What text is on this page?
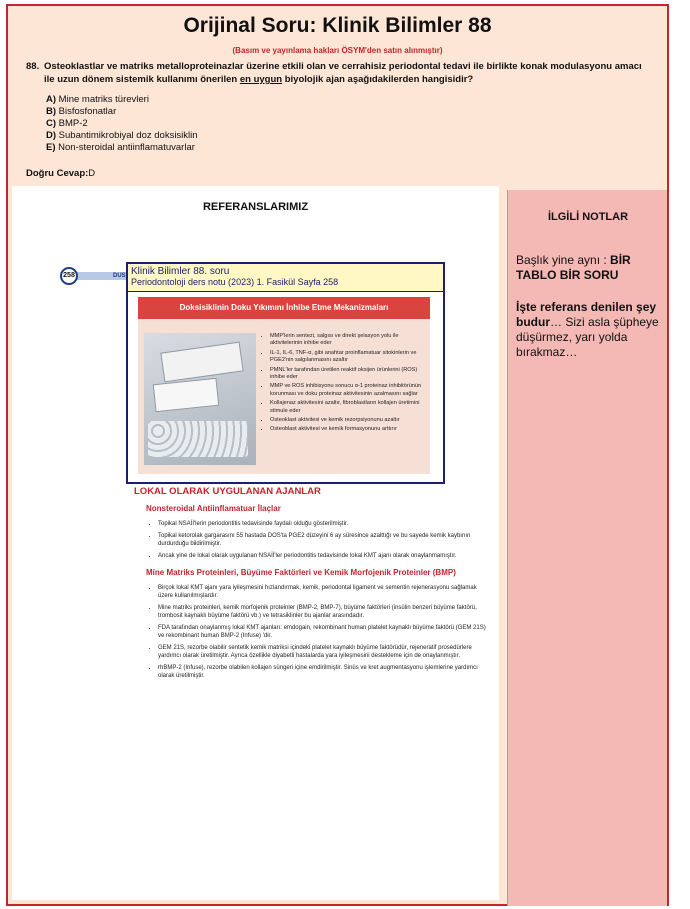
Orijinal Soru: Klinik Bilimler 88
(Basım ve yayınlama hakları ÖSYM'den satın alınmıştır)
88. Osteoklastlar ve matriks metalloproteinazlar üzerine etkili olan ve cerrahisiz periodontal tedavi ile birlikte konak modulasyonu amacı ile uzun dönem sistemik kullanımı önerilen en uygun biyolojik ajan aşağıdakilerden hangisidir?
A) Mine matriks türevleri
B) Bisfosfonatlar
C) BMP-2
D) Subantimikrobiyal doz doksisiklin
E) Non-steroidal antiinflamatuvarlar
Doğru Cevap:D
İLGİLİ NOTLAR
Başlık yine aynı : BİR TABLO BİR SORU
İşte referans denilen şey budur… Sizi asla şüpheye düşürmez, yarı yolda bırakmaz…
REFERANSLARIMIZ
258	DUS Klinik Bilimler 88. soru
Periodontoloji ders notu (2023) 1. Fasikül Sayfa 258
Doksisiklinin Doku Yıkımını İnhibe Etme Mekanizmaları
• MMP'lerin sentezi, salgısı ve direkt şelasyon yolu ile aktivitelerinin inhibe eder
• IL-1, IL-6, TNF-α, gibi anahtar proinflamatuar sitokinlerin ve PGE2'nin salgılanmasını azaltır
• PMNL'ler tarafından üretilen reaktif oksijen ürünlerini (ROS) inhibe eder
• MMP ve ROS inhibisyonu sonucu α-1 proteinaz inhibitörünün korunması ve doku proteinaz aktivitesinin azalmasını sağlar
• Kollajenaz aktivitesini azaltır, fibroblastların kollajen üretimini stimule eder
• Osteoklast aktivitesi ve kemik rezorpsiyonunu azaltır
• Osteoblast aktivitesi ve kemik formasyonunu arttırır
LOKAL OLARAK UYGULANAN AJANLAR
Nonsteroidal Antiinflamatuar İlaçlar
• Topikal NSAİİ'lerin periodontitis tedavisinde faydalı olduğu gösterilmiştir.
• Topikal ketorolak gargarasını 55 hastada DOS'ta PGE2 düzeyini 6 ay süresince azalttığı ve bu sayede kemik kaybının durdurduğu bildirilmiştir.
• Ancak yine de lokal olarak uygulanan NSAİİ'ler periodontitis tedavisinde lokal KMT ajanı olarak onaylanmamıştır.
Mine Matriks Proteinleri, Büyüme Faktörleri ve Kemik Morfojenik Proteinler (BMP)
• Birçok lokal KMT ajanı yara iyileşmesini hızlandırmak, kemik, periodontal ligament ve sementin rejenerasyonu sağlamak üzere kullanılmışlardır.
• Mine matriks proteinleri, kemik morfojenik proteinler (BMP-2, BMP-7), büyüme faktörleri (insülin benzeri büyüme faktörü, trombosit kaynaklı büyüme faktörü vb.) ve tetrasiklinler bu ajanlar arasındadır.
• FDA tarafından onaylanmış lokal KMT ajanları: emdogain, rekombinant human platelet kaynaklı büyüme faktörü (GEM 21S) ve rekombinant human BMP-2 (Infuse) 'dir.
• GEM 21S, rezorbe olabilir sentetik kemik matriksi içindeki platelet kaynaklı büyüme faktörüdür, rejeneratif prosedürlere yardımcı olarak üretilmiştir. Ayrıca özellikle diyabetli hastalarda yara iyileşmesini destekleme için de onaylanmıştır.
• rhBMP-2 (Infuse), rezorbe olabilen kollajen süngeri içine emdirilmiştir. Sinüs ve kret augmentasyonu işlemlerine yardımcı olarak üretilmiştir.
